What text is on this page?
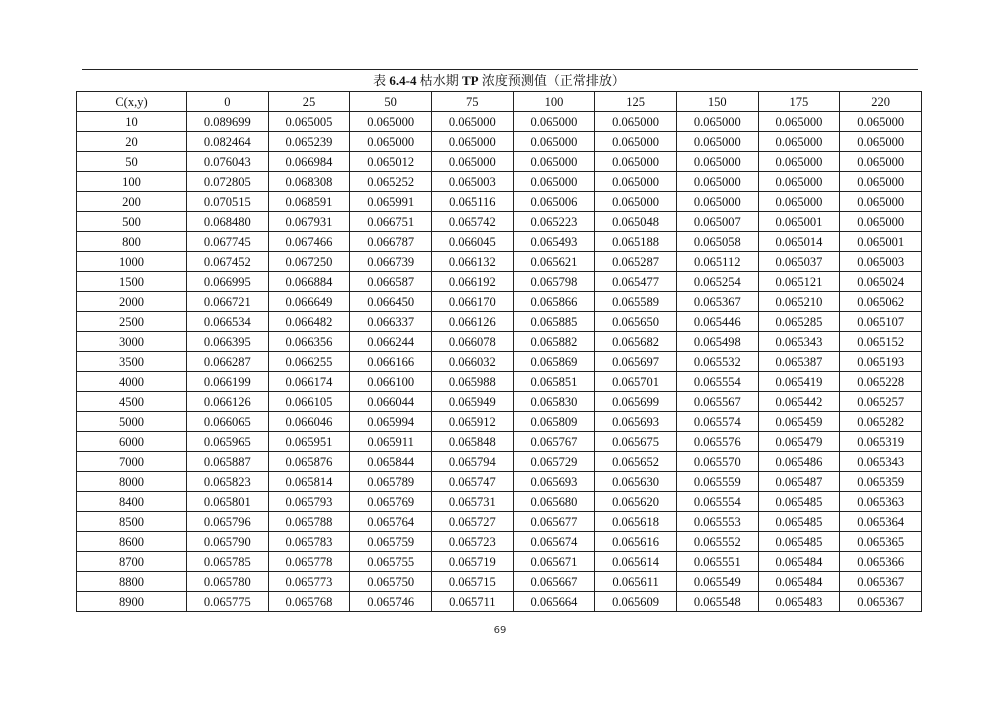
表 6.4-4 枯水期 TP 浓度预测值（正常排放）
C(x,y)	0	25	50	75	100	125	150	175	220
10	0.089699	0.065005	0.065000	0.065000	0.065000	0.065000	0.065000	0.065000	0.065000
20	0.082464	0.065239	0.065000	0.065000	0.065000	0.065000	0.065000	0.065000	0.065000
50	0.076043	0.066984	0.065012	0.065000	0.065000	0.065000	0.065000	0.065000	0.065000
100	0.072805	0.068308	0.065252	0.065003	0.065000	0.065000	0.065000	0.065000	0.065000
200	0.070515	0.068591	0.065991	0.065116	0.065006	0.065000	0.065000	0.065000	0.065000
500	0.068480	0.067931	0.066751	0.065742	0.065223	0.065048	0.065007	0.065001	0.065000
800	0.067745	0.067466	0.066787	0.066045	0.065493	0.065188	0.065058	0.065014	0.065001
1000	0.067452	0.067250	0.066739	0.066132	0.065621	0.065287	0.065112	0.065037	0.065003
1500	0.066995	0.066884	0.066587	0.066192	0.065798	0.065477	0.065254	0.065121	0.065024
2000	0.066721	0.066649	0.066450	0.066170	0.065866	0.065589	0.065367	0.065210	0.065062
2500	0.066534	0.066482	0.066337	0.066126	0.065885	0.065650	0.065446	0.065285	0.065107
3000	0.066395	0.066356	0.066244	0.066078	0.065882	0.065682	0.065498	0.065343	0.065152
3500	0.066287	0.066255	0.066166	0.066032	0.065869	0.065697	0.065532	0.065387	0.065193
4000	0.066199	0.066174	0.066100	0.065988	0.065851	0.065701	0.065554	0.065419	0.065228
4500	0.066126	0.066105	0.066044	0.065949	0.065830	0.065699	0.065567	0.065442	0.065257
5000	0.066065	0.066046	0.065994	0.065912	0.065809	0.065693	0.065574	0.065459	0.065282
6000	0.065965	0.065951	0.065911	0.065848	0.065767	0.065675	0.065576	0.065479	0.065319
7000	0.065887	0.065876	0.065844	0.065794	0.065729	0.065652	0.065570	0.065486	0.065343
8000	0.065823	0.065814	0.065789	0.065747	0.065693	0.065630	0.065559	0.065487	0.065359
8400	0.065801	0.065793	0.065769	0.065731	0.065680	0.065620	0.065554	0.065485	0.065363
8500	0.065796	0.065788	0.065764	0.065727	0.065677	0.065618	0.065553	0.065485	0.065364
8600	0.065790	0.065783	0.065759	0.065723	0.065674	0.065616	0.065552	0.065485	0.065365
8700	0.065785	0.065778	0.065755	0.065719	0.065671	0.065614	0.065551	0.065484	0.065366
8800	0.065780	0.065773	0.065750	0.065715	0.065667	0.065611	0.065549	0.065484	0.065367
8900	0.065775	0.065768	0.065746	0.065711	0.065664	0.065609	0.065548	0.065483	0.065367
69
